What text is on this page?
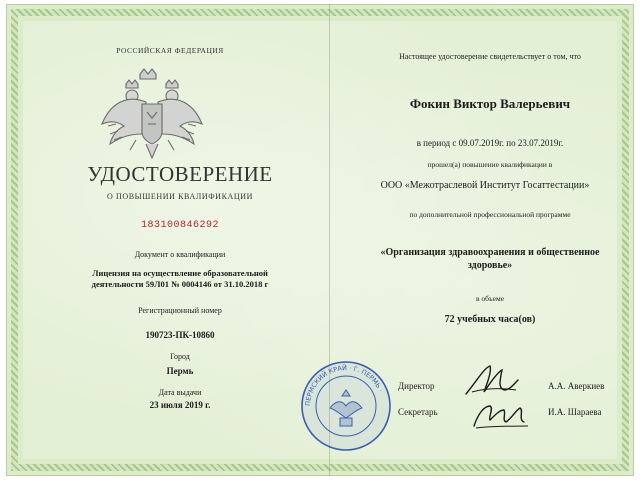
РОССИЙСКАЯ ФЕДЕРАЦИЯ
УДОСТОВЕРЕНИЕ
О ПОВЫШЕНИИ КВАЛИФИКАЦИИ
183100846292
Документ о квалификации
Лицензия на осуществление образовательной
деятельности 59Л01 № 0004146 от 31.10.2018 г
Регистрационный номер
190723-ПК-10860
Город
Пермь
Дата выдачи
23 июля 2019 г.
Настоящее удостоверение свидетельствует о том, что
Фокин Виктор Валерьевич
в период с 09.07.2019г. по 23.07.2019г.
прошел(а) повышение квалификации в
ООО «Межотраслевой Институт Госаттестации»
по дополнительной профессиональной программе
«Организация здравоохранения и общественное
здоровье»
в объеме
72 учебных часа(ов)
ПЕРМСКИЙ КРАЙ · Г. ПЕРМЬ · Директор	А.А. Аверкиев
Секретарь	И.А. Шараева
